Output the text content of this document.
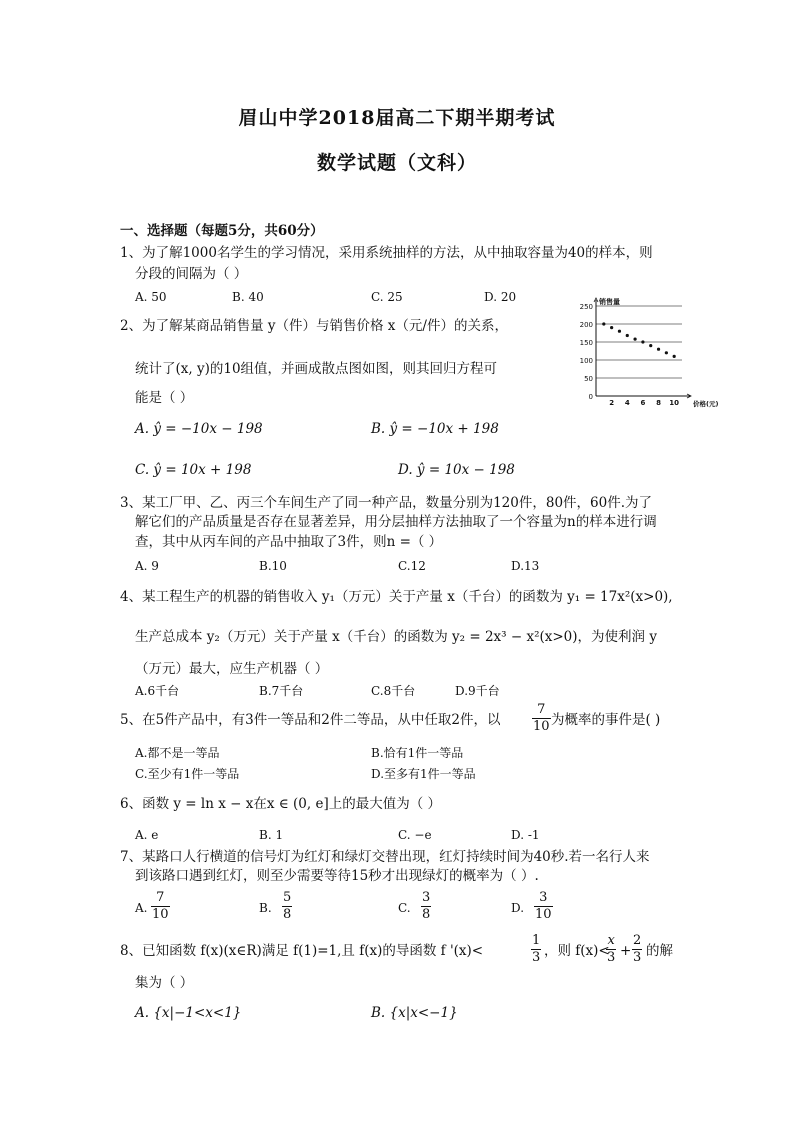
眉山中学2018届高二下期半期考试
数学试题（文科）
一、选择题（每题5分，共60分）
1、为了解1000名学生的学习情况，采用系统抽样的方法，从中抽取容量为40的样本，则
分段的间隔为（ ）
A. 50	B. 40	C. 25	D. 20
2、为了解某商品销售量 y（件）与销售价格 x（元/件）的关系，
统计了(x, y)的10组值，并画成散点图如图，则其回归方程可
能是（ ）
A. ŷ = −10x − 198	B. ŷ = −10x + 198
C. ŷ = 10x + 198	D. ŷ = 10x − 198
0
50
100
150
200
250
2 4 6 8 10
销售量
价格(元)
3、某工厂甲、乙、丙三个车间生产了同一种产品，数量分别为120件，80件，60件.为了
解它们的产品质量是否存在显著差异，用分层抽样方法抽取了一个容量为n的样本进行调
查，其中从丙车间的产品中抽取了3件，则n =（ ）
A. 9	B.10	C.12	D.13
4、某工程生产的机器的销售收入 y₁（万元）关于产量 x（千台）的函数为 y₁ = 17x²(x>0),
生产总成本 y₂（万元）关于产量 x（千台）的函数为 y₂ = 2x³ − x²(x>0)，为使利润 y
（万元）最大，应生产机器（ ）
A.6千台	B.7千台	C.8千台	D.9千台
5、在5件产品中，有3件一等品和2件二等品，从中任取2件，以 $\frac{7}{10}$ 为概率的事件是( )
A.都不是一等品	B.恰有1件一等品
C.至少有1件一等品	D.至多有1件一等品
6、函数 y = ln x − x在x ∈ (0, e]上的最大值为（ ）
A. e	B. 1	C. −e	D. -1
7、某路口人行横道的信号灯为红灯和绿灯交替出现，红灯持续时间为40秒.若一名行人来
到该路口遇到红灯，则至少需要等待15秒才出现绿灯的概率为（ ）.
A. $\frac{7}{10}$	B. $\frac{5}{8}$	C. $\frac{3}{8}$	D. $\frac{3}{10}$
8、已知函数 f(x)(x∈R)满足 f(1)=1,且 f(x)的导函数 f '(x)<	$\frac{1}{3}$ ，则 f(x)<
$\frac{x}{3} + \frac{2}{3}$ 的解
集为（ ）
A. {x|−1<x<1}	B. {x|x<−1}
